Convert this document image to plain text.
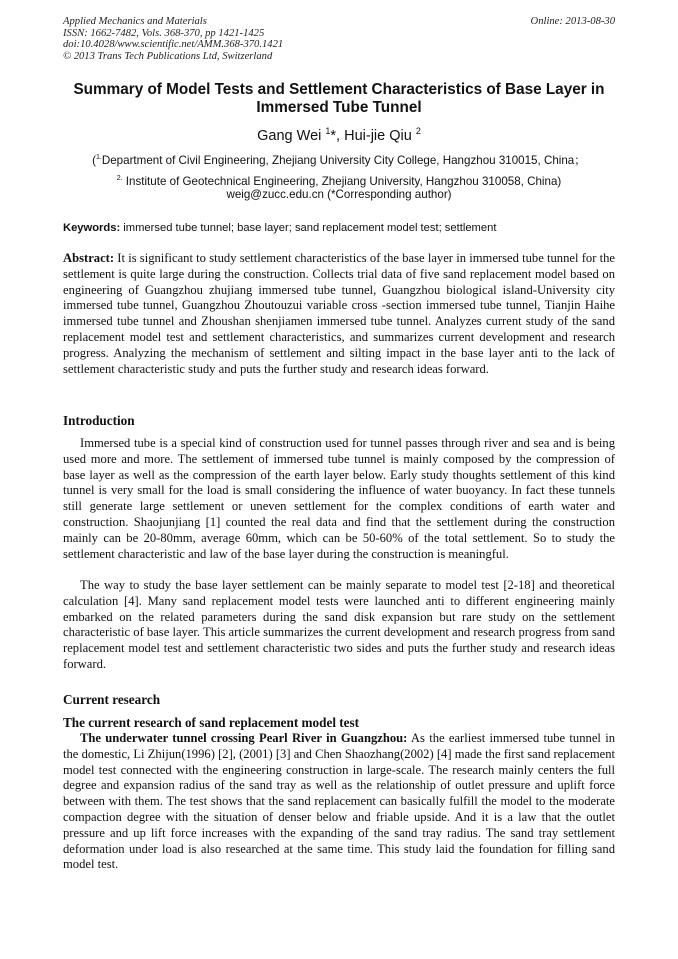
Applied Mechanics and Materials
ISSN: 1662-7482, Vols. 368-370, pp 1421-1425
doi:10.4028/www.scientific.net/AMM.368-370.1421
© 2013 Trans Tech Publications Ltd, Switzerland
Online: 2013-08-30
Summary of Model Tests and Settlement Characteristics of Base Layer in Immersed Tube Tunnel
Gang Wei $^1$*, Hui-jie Qiu $^2$
($^{1.}$Department of Civil Engineering, Zhejiang University City College, Hangzhou 310015, China；
$^{2.}$ Institute of Geotechnical Engineering, Zhejiang University, Hangzhou 310058, China)
weig@zucc.edu.cn (*Corresponding author)
Keywords: immersed tube tunnel; base layer; sand replacement model test; settlement
Abstract: It is significant to study settlement characteristics of the base layer in immersed tube tunnel for the settlement is quite large during the construction. Collects trial data of five sand replacement model based on engineering of Guangzhou zhujiang immersed tube tunnel, Guangzhou biological island-University city immersed tube tunnel, Guangzhou Zhoutouzui variable cross -section immersed tube tunnel, Tianjin Haihe immersed tube tunnel and Zhoushan shenjiamen immersed tube tunnel. Analyzes current study of the sand replacement model test and settlement characteristics, and summarizes current development and research progress. Analyzing the mechanism of settlement and silting impact in the base layer anti to the lack of settlement characteristic study and puts the further study and research ideas forward.
Introduction
Immersed tube is a special kind of construction used for tunnel passes through river and sea and is being used more and more. The settlement of immersed tube tunnel is mainly composed by the compression of base layer as well as the compression of the earth layer below. Early study thoughts settlement of this kind tunnel is very small for the load is small considering the influence of water buoyancy. In fact these tunnels still generate large settlement or uneven settlement for the complex conditions of earth water and construction. Shaojunjiang [1] counted the real data and find that the settlement during the construction mainly can be 20-80mm, average 60mm, which can be 50-60% of the total settlement. So to study the settlement characteristic and law of the base layer during the construction is meaningful.
The way to study the base layer settlement can be mainly separate to model test [2-18] and theoretical calculation [4]. Many sand replacement model tests were launched anti to different engineering mainly embarked on the related parameters during the sand disk expansion but rare study on the settlement characteristic of base layer. This article summarizes the current development and research progress from sand replacement model test and settlement characteristic two sides and puts the further study and research ideas forward.
Current research
The current research of sand replacement model test
The underwater tunnel crossing Pearl River in Guangzhou: As the earliest immersed tube tunnel in the domestic, Li Zhijun(1996) [2], (2001) [3] and Chen Shaozhang(2002) [4] made the first sand replacement model test connected with the engineering construction in large-scale. The research mainly centers the full degree and expansion radius of the sand tray as well as the relationship of outlet pressure and uplift force between with them. The test shows that the sand replacement can basically fulfill the model to the moderate compaction degree with the situation of denser below and friable upside. And it is a law that the outlet pressure and up lift force increases with the expanding of the sand tray radius. The sand tray settlement deformation under load is also researched at the same time. This study laid the foundation for filling sand model test.
